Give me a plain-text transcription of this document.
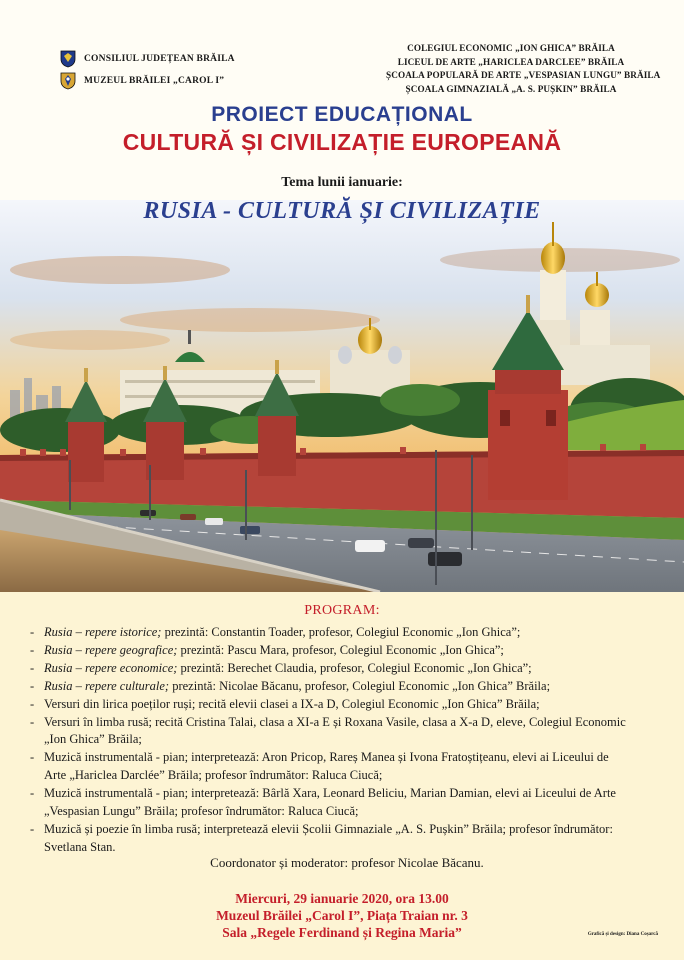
CONSILIUL JUDEȚEAN BRĂILA
MUZEUL BRĂILEI „CAROL I”
COLEGIUL ECONOMIC „ION GHICA” BRĂILA
LICEUL DE ARTE „HARICLEA DARCLEE” BRĂILA
ȘCOALA POPULARĂ DE ARTE „VESPASIAN LUNGU” BRĂILA
ȘCOALA GIMNAZIALĂ „A. S. PUȘKIN” BRĂILA
PROIECT EDUCAȚIONAL
CULTURĂ ȘI CIVILIZAȚIE EUROPEANĂ
Tema lunii ianuarie:
RUSIA - CULTURĂ ȘI CIVILIZAȚIE
PROGRAM:
- Rusia – repere istorice; prezintă: Constantin Toader, profesor, Colegiul Economic „Ion Ghica”;
- Rusia – repere geografice; prezintă: Pascu Mara, profesor, Colegiul Economic „Ion Ghica”;
- Rusia – repere economice; prezintă: Berechet Claudia, profesor, Colegiul Economic „Ion Ghica”;
- Rusia – repere culturale; prezintă: Nicolae Băcanu, profesor, Colegiul Economic „Ion Ghica” Brăila;
- Versuri din lirica poeților ruși; recită elevii clasei a IX-a D, Colegiul Economic „Ion Ghica” Brăila;
- Versuri în limba rusă; recită Cristina Talai, clasa a XI-a E și Roxana Vasile, clasa a X-a D, eleve, Colegiul Economic
„Ion Ghica” Brăila;
- Muzică instrumentală - pian; interpretează: Aron Pricop, Rareș Manea și Ivona Fratoștițeanu, elevi ai Liceului de
Arte „Hariclea Darclée” Brăila; profesor îndrumător: Raluca Ciucă;
- Muzică instrumentală - pian; interpretează: Bârlă Xara, Leonard Beliciu, Marian Damian, elevi ai Liceului de Arte
„Vespasian Lungu” Brăila; profesor îndrumător: Raluca Ciucă;
- Muzică și poezie în limba rusă; interpretează elevii Școlii Gimnaziale „A. S. Pușkin” Brăila; profesor îndrumător:
Svetlana Stan.
Coordonator și moderator: profesor Nicolae Băcanu.
Miercuri, 29 ianuarie 2020, ora 13.00
Muzeul Brăilei „Carol I”, Piața Traian nr. 3
Sala „Regele Ferdinand și Regina Maria”	Grafică și design: Diana Coșarcă
